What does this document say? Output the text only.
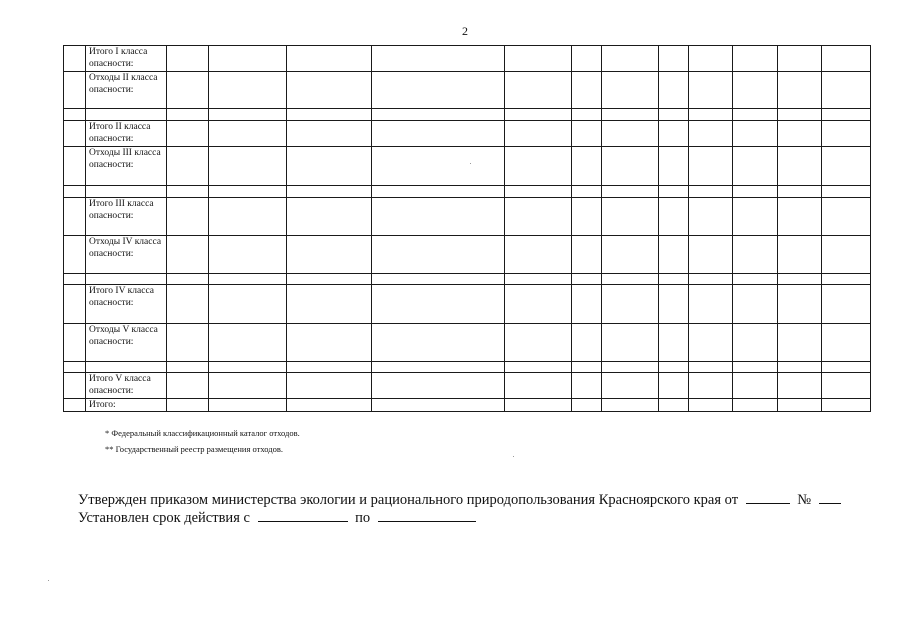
2
	Итого I класса опасности:												
	Отходы II класса опасности:												

	Итого II класса опасности:												
	Отходы III класса опасности:												

	Итого III класса опасности:												
	Отходы IV класса опасности:												

	Итого IV класса опасности:												
	Отходы V класса опасности:												

	Итого V класса опасности:												
	Итого:												
* Федеральный классификационный каталог отходов.
** Государственный реестр размещения отходов.
Утвержден приказом министерства экологии и рационального природопользования Красноярского края от	№
Установлен срок действия с	по
